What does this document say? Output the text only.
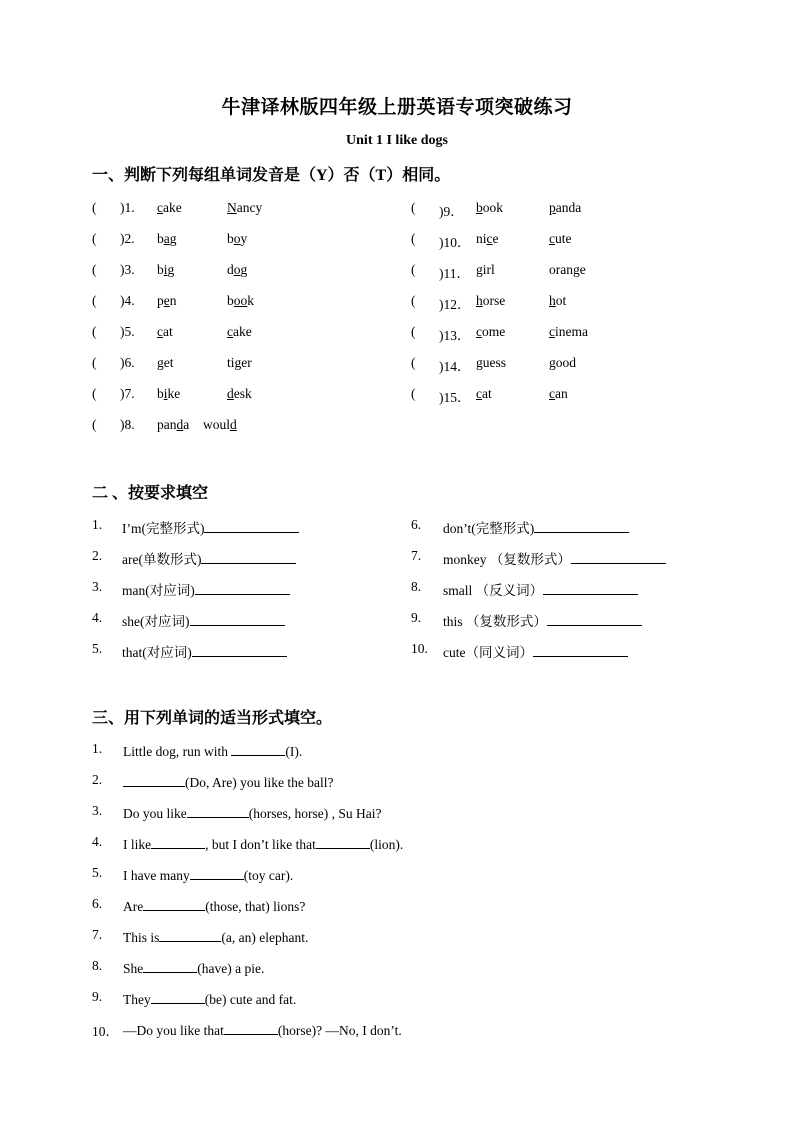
牛津译林版四年级上册英语专项突破练习
Unit 1 I like dogs
一、判断下列每组单词发音是（Y）否（T）相同。
( )1. cake	Nancy
( )2. bag	boy
( )3. big	dog
( )4. pen	book
( )5. cat	cake
( )6. get	tiger
( )7. bike	desk
( )8. panda would
( )9． book	panda
( )10． nice	cute
( )11． girl	orange
( )12． horse	hot
( )13． come	cinema
( )14． guess	good
( )15． cat	can
二 、按要求填空
1. I’m(完整形式)
2. are(单数形式)
3. man(对应词)
4. she(对应词)
5. that(对应词)
6. don’t(完整形式)
7. monkey （复数形式）
8. small （反义词）
9. this （复数形式）
10. cute（同义词）
三、用下列单词的适当形式填空。
1. Little dog, run with	(I).
2.	(Do, Are) you like the ball?
3. Do you like	(horses, horse) , Su Hai?
4. I like	, but I don’t like that	(lion).
5. I have many	(toy car).
6. Are	(those, that) lions?
7. This is	(a, an) elephant.
8. She	(have) a pie.
9. They	(be) cute and fat.
10． —Do you like that	(horse)? —No, I don’t.
